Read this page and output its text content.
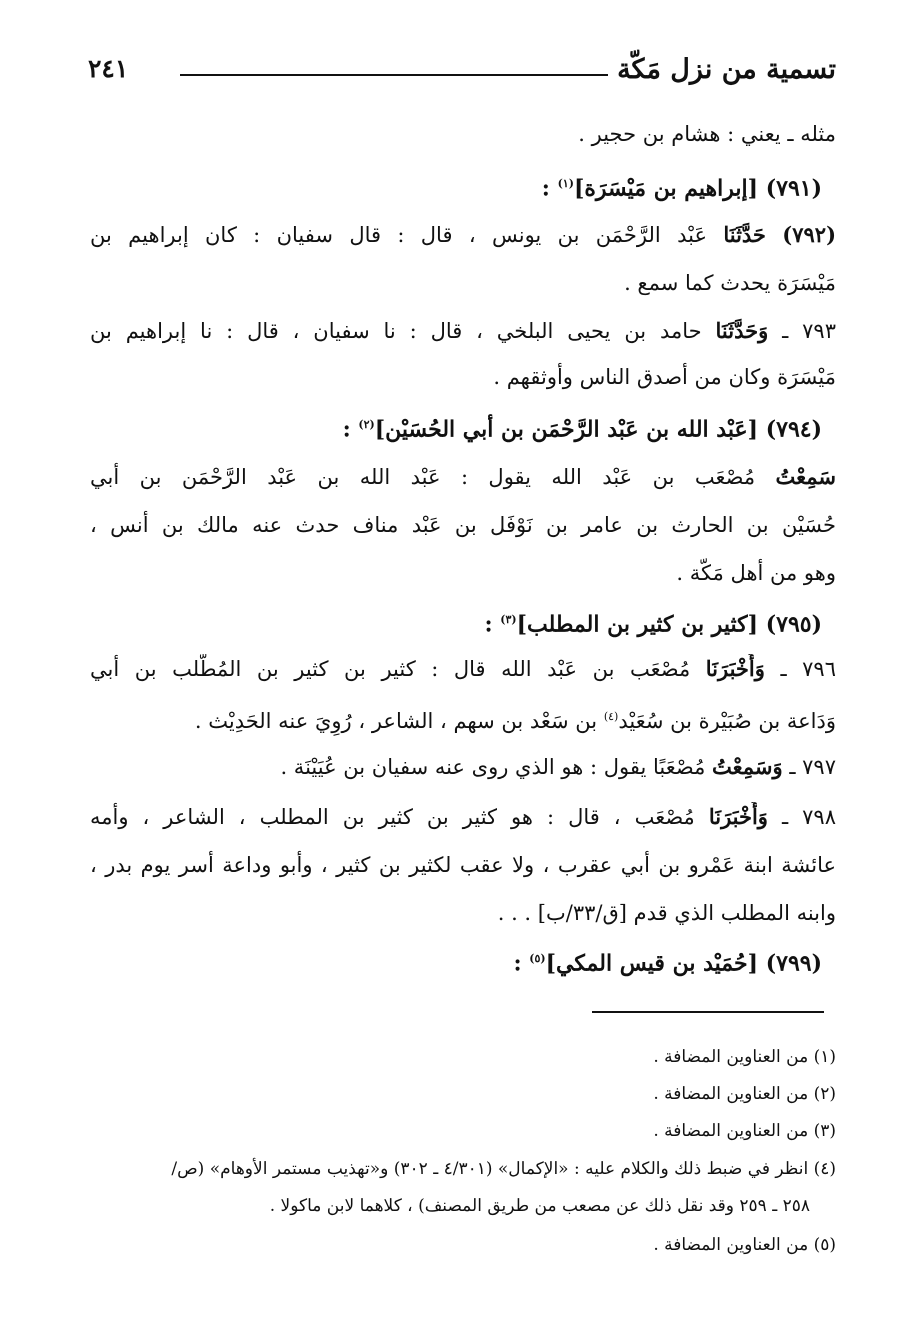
تسمية من نزل مَكّة
٢٤١
مثله ـ يعني : هشام بن حجير .
(٧٩١) [إبراهيم بن مَيْسَرَة]$^{(١)}$ :
(٧٩٢) حَدَّثَنَا عَبْد الرَّحْمَن بن يونس ، قال : قال سفيان : كان إبراهيم بن
مَيْسَرَة يحدث كما سمع .
٧٩٣ ـ وَحَدَّثَنَا حامد بن يحيى البلخي ، قال : نا سفيان ، قال : نا إبراهيم بن
مَيْسَرَة وكان من أصدق الناس وأوثقهم .
(٧٩٤) [عَبْد الله بن عَبْد الرَّحْمَن بن أبي الحُسَيْن]$^{(٢)}$ :
سَمِعْتُ مُصْعَب بن عَبْد الله يقول : عَبْد الله بن عَبْد الرَّحْمَن بن أبي
حُسَيْن بن الحارث بن عامر بن نَوْفَل بن عَبْد مناف حدث عنه مالك بن أنس ،
وهو من أهل مَكّة .
(٧٩٥) [كثير بن كثير بن المطلب]$^{(٣)}$ :
٧٩٦ ـ وَأَخْبَرَنَا مُصْعَب بن عَبْد الله قال : كثير بن كثير بن المُطَّلب بن أبي
وَدَاعة بن صُبَيْرة بن سُعَيْد$^{(٤)}$ بن سَعْد بن سهم ، الشاعر ، رُوِيَ عنه الحَدِيْث .
٧٩٧ ـ وَسَمِعْتُ مُصْعَبًا يقول : هو الذي روى عنه سفيان بن عُيَيْنَة .
٧٩٨ ـ وَأَخْبَرَنَا مُصْعَب ، قال : هو كثير بن كثير بن المطلب ، الشاعر ، وأمه
عائشة ابنة عَمْرو بن أبي عقرب ، ولا عقب لكثير بن كثير ، وأبو وداعة أسر يوم بدر ،
وابنه المطلب الذي قدم [ق/٣٣/ب] . . .
(٧٩٩) [حُمَيْد بن قيس المكي]$^{(٥)}$ :
(١) من العناوين المضافة .
(٢) من العناوين المضافة .
(٣) من العناوين المضافة .
(٤) انظر في ضبط ذلك والكلام عليه : «الإكمال» (٤/٣٠١ ـ ٣٠٢) و«تهذيب مستمر الأوهام» (ص/
٢٥٨ ـ ٢٥٩ وقد نقل ذلك عن مصعب من طريق المصنف) ، كلاهما لابن ماكولا .
(٥) من العناوين المضافة .
